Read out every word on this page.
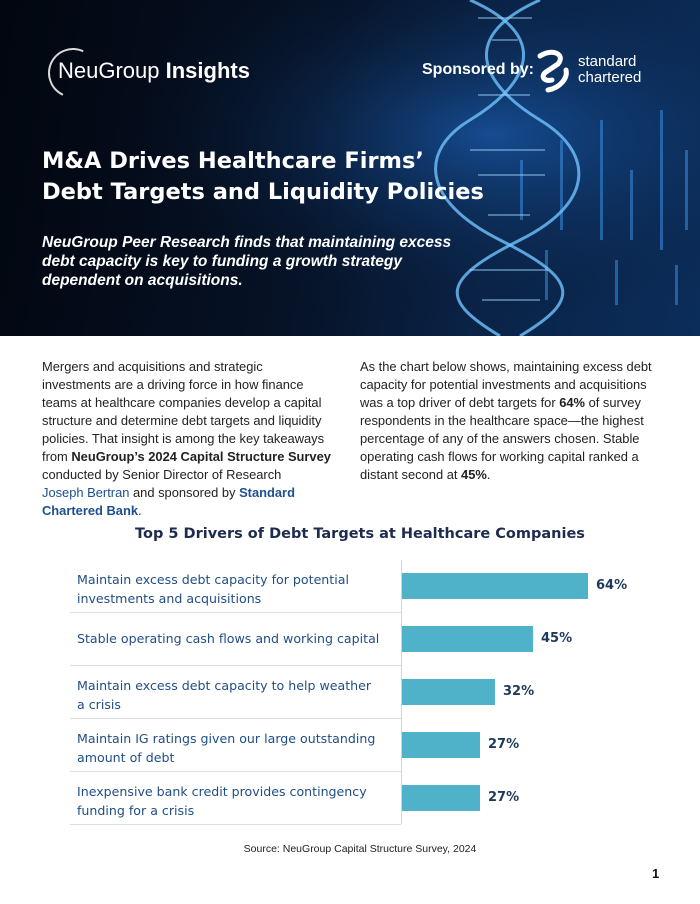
NeuGroup Insights	Sponsored by:	standard
chartered
M&A Drives Healthcare Firms’
Debt Targets and Liquidity Policies

NeuGroup Peer Research finds that maintaining excess
debt capacity is key to funding a growth strategy
dependent on acquisitions.

Mergers and acquisitions and strategic
investments are a driving force in how finance
teams at healthcare companies develop a capital
structure and determine debt targets and liquidity
policies. That insight is among the key takeaways
from NeuGroup’s 2024 Capital Structure Survey
conducted by Senior Director of Research
Joseph Bertran and sponsored by Standard
Chartered Bank.
As the chart below shows, maintaining excess debt
capacity for potential investments and acquisitions
was a top driver of debt targets for 64% of survey
respondents in the healthcare space—the highest
percentage of any of the answers chosen. Stable
operating cash flows for working capital ranked a
distant second at 45%.
Top 5 Drivers of Debt Targets at Healthcare Companies
Maintain excess debt capacity for potential
investments and acquisitions
Stable operating cash flows and working capital
Maintain excess debt capacity to help weather
a crisis
Maintain IG ratings given our large outstanding
amount of debt
Inexpensive bank credit provides contingency
funding for a crisis
64%
45%
32%
27%
27%
Source: NeuGroup Capital Structure Survey, 2024
1
